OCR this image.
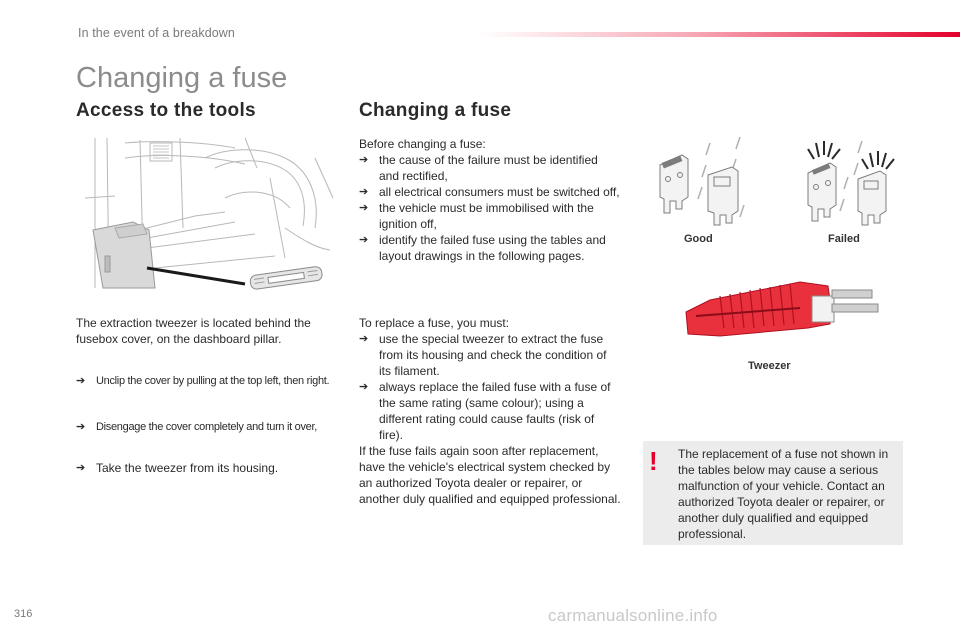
In the event of a breakdown
Changing a fuse
Access to the tools

The extraction tweezer is located behind the fusebox cover, on the dashboard pillar.

➔ Unclip the cover by pulling at the top left, then right.
➔ Disengage the cover completely and turn it over,
➔ Take the tweezer from its housing.
Changing a fuse

Before changing a fuse:

➔ the cause of the failure must be identified and rectified,
➔ all electrical consumers must be switched off,
➔ the vehicle must be immobilised with the ignition off,
➔ identify the failed fuse using the tables and layout drawings in the following pages.

To replace a fuse, you must:

➔ use the special tweezer to extract the fuse from its housing and check the condition of its filament.
➔ always replace the failed fuse with a fuse of the same rating (same colour); using a different rating could cause faults (risk of fire).

If the fuse fails again soon after replacement, have the vehicle's electrical system checked by an authorized Toyota dealer or repairer, or another duly qualified and equipped professional.

Good	Failed
Tweezer
! The replacement of a fuse not shown in the tables below may cause a serious malfunction of your vehicle. Contact an authorized Toyota dealer or repairer, or another duly qualified and equipped professional.

316	carmanualsonline.info
